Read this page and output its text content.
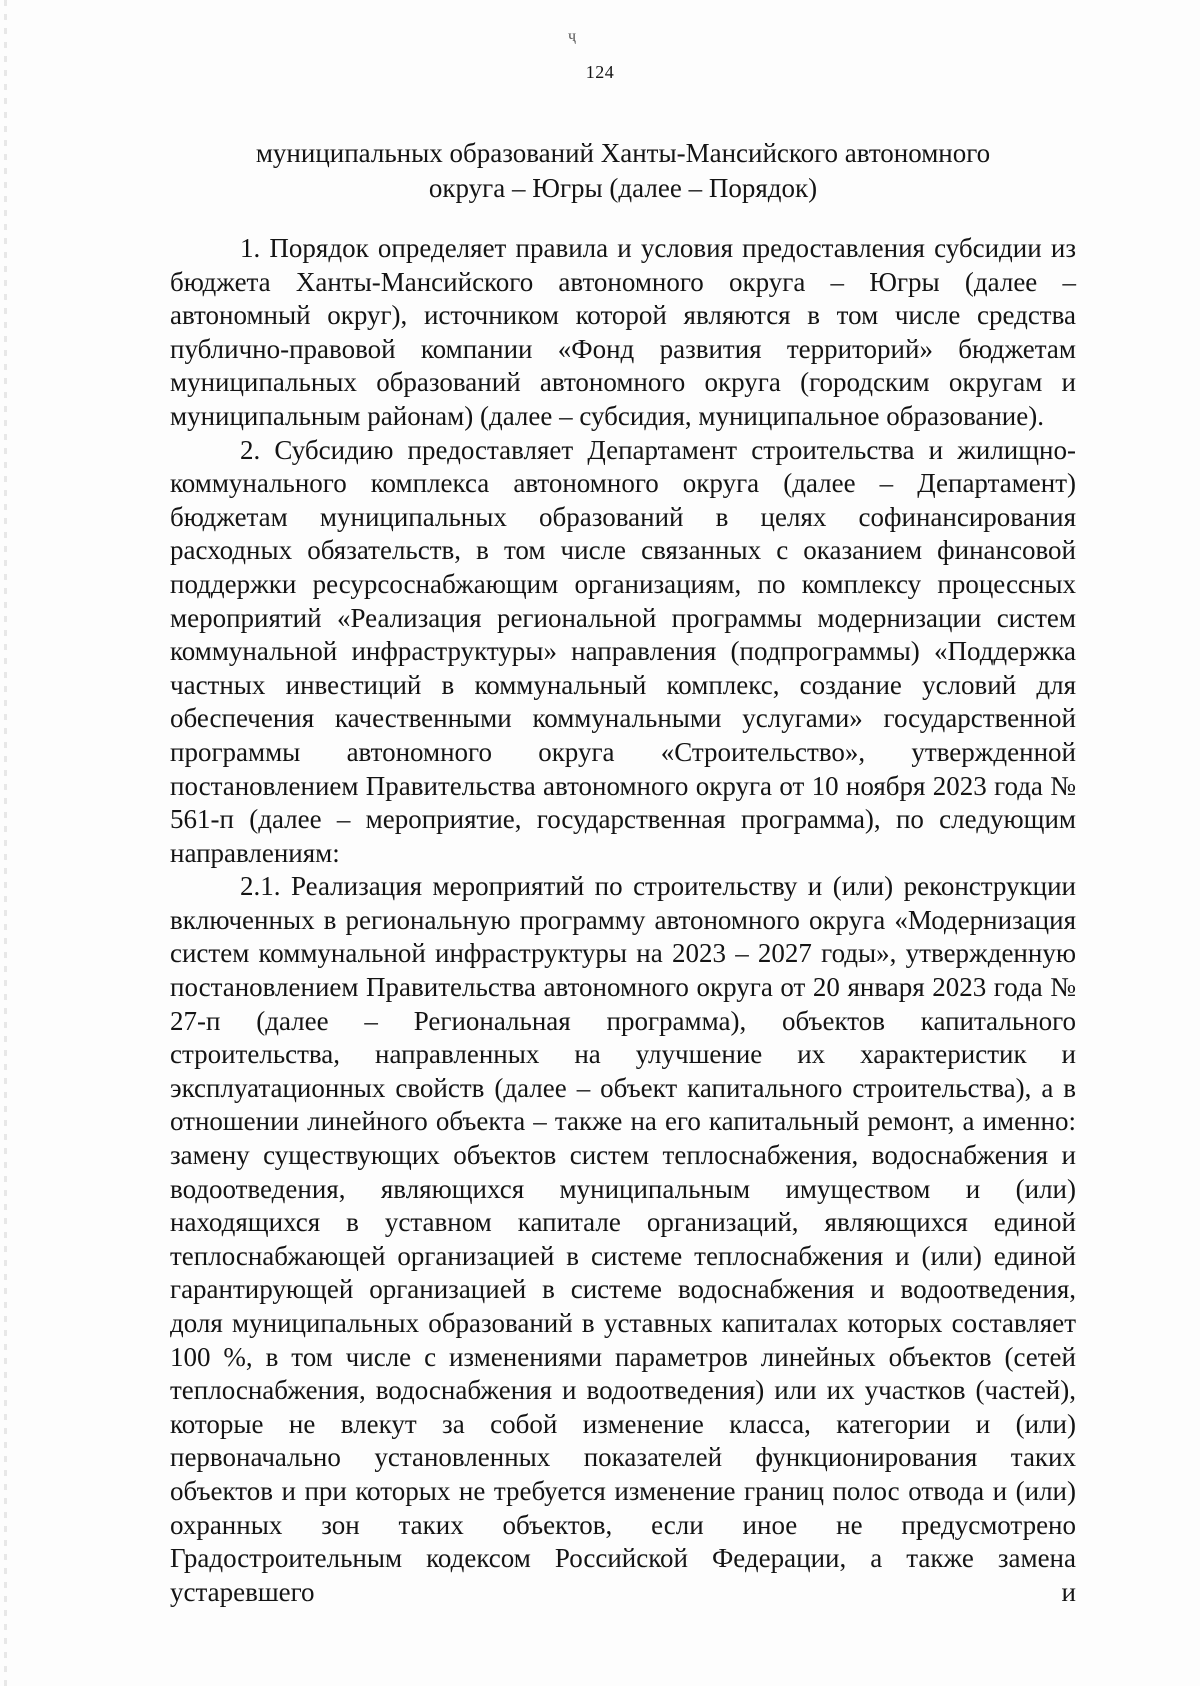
ҷ
124
муниципальных образований Ханты-Мансийского автономного
округа – Югры (далее – Порядок)

1. Порядок определяет правила и условия предоставления субсидии из бюджета Ханты-Мансийского автономного округа – Югры (далее – автономный округ), источником которой являются в том числе средства публично-правовой компании «Фонд развития территорий» бюджетам муниципальных образований автономного округа (городским округам и муниципальным районам) (далее – субсидия, муниципальное образование).

2. Субсидию предоставляет Департамент строительства и жилищно-коммунального комплекса автономного округа (далее – Департамент) бюджетам муниципальных образований в целях софинансирования расходных обязательств, в том числе связанных с оказанием финансовой поддержки ресурсоснабжающим организациям, по комплексу процессных мероприятий «Реализация региональной программы модернизации систем коммунальной инфраструктуры» направления (подпрограммы) «Поддержка частных инвестиций в коммунальный комплекс, создание условий для обеспечения качественными коммунальными услугами» государственной программы автономного округа «Строительство», утвержденной постановлением Правительства автономного округа от 10 ноября 2023 года № 561-п (далее – мероприятие, государственная программа), по следующим направлениям:

2.1. Реализация мероприятий по строительству и (или) реконструкции включенных в региональную программу автономного округа «Модернизация систем коммунальной инфраструктуры на 2023 – 2027 годы», утвержденную постановлением Правительства автономного округа от 20 января 2023 года № 27-п (далее – Региональная программа), объектов капитального строительства, направленных на улучшение их характеристик и эксплуатационных свойств (далее – объект капитального строительства), а в отношении линейного объекта – также на его капитальный ремонт, а именно: замену существующих объектов систем теплоснабжения, водоснабжения и водоотведения, являющихся муниципальным имуществом и (или) находящихся в уставном капитале организаций, являющихся единой теплоснабжающей организацией в системе теплоснабжения и (или) единой гарантирующей организацией в системе водоснабжения и водоотведения, доля муниципальных образований в уставных капиталах которых составляет 100 %, в том числе с изменениями параметров линейных объектов (сетей теплоснабжения, водоснабжения и водоотведения) или их участков (частей), которые не влекут за собой изменение класса, категории и (или) первоначально установленных показателей функционирования таких объектов и при которых не требуется изменение границ полос отвода и (или) охранных зон таких объектов, если иное не предусмотрено Градостроительным кодексом Российской Федерации, а также замена устаревшего и
